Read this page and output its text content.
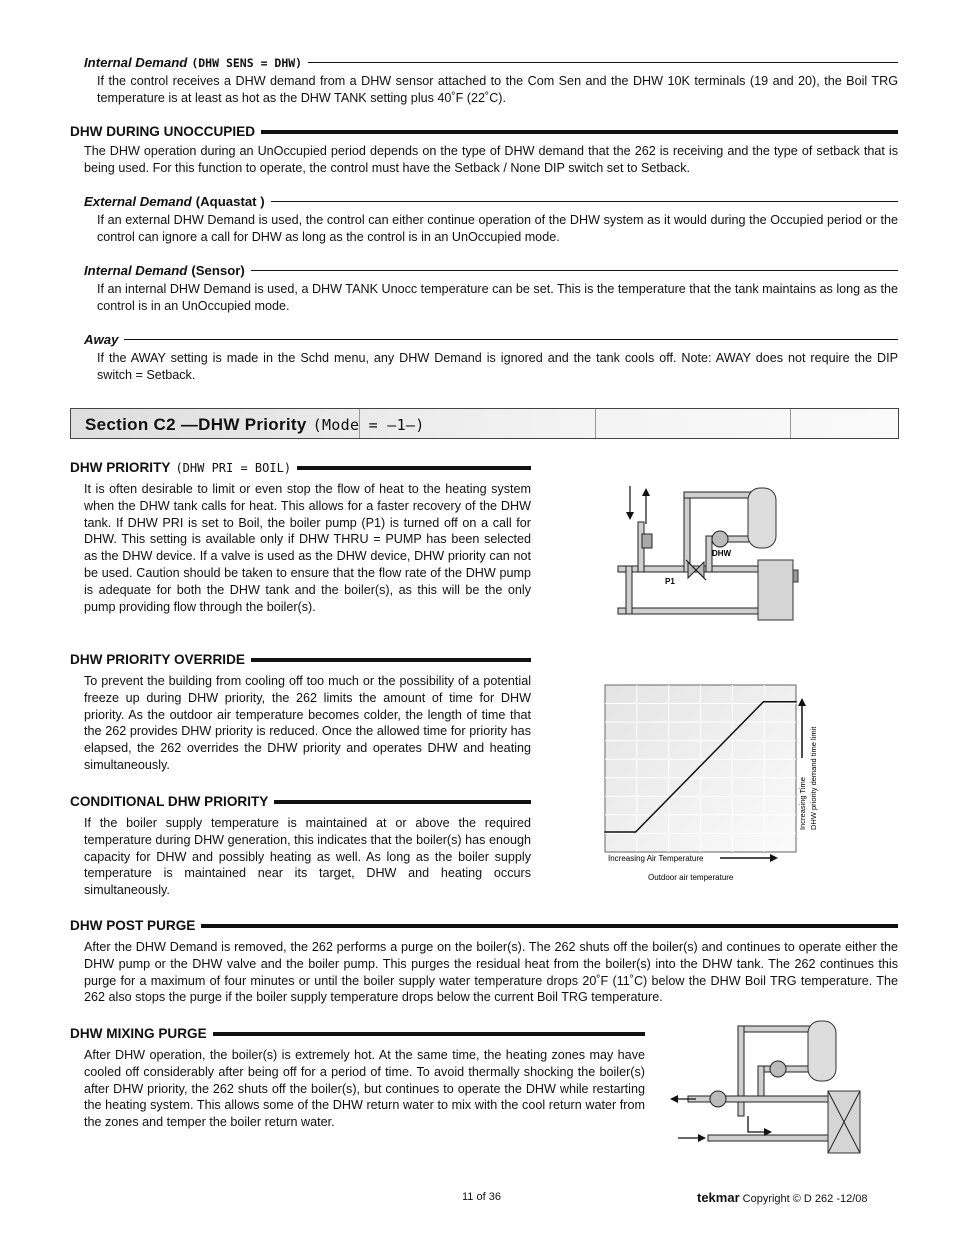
Internal Demand (DHW SENS = DHW)
If the control receives a DHW demand from a DHW sensor attached to the Com Sen and the DHW 10K terminals (19 and 20), the Boil TRG temperature is at least as hot as the DHW TANK setting plus 40˚F (22˚C).
DHW DURING UNOCCUPIED
The DHW operation during an UnOccupied period depends on the type of DHW demand that the 262 is receiving and the type of setback that is being used. For this function to operate, the control must have the Setback / None DIP switch set to Setback.
External Demand (Aquastat )
If an external DHW Demand is used, the control can either continue operation of the DHW system as it would during the Occupied period or the control can ignore a call for DHW as long as the control is in an UnOccupied mode.
Internal Demand (Sensor)
If an internal DHW Demand is used, a DHW TANK Unocc temperature can be set. This is the temperature that the tank maintains as long as the control is in an UnOccupied mode.
Away
If the AWAY setting is made in the Schd menu, any DHW Demand is ignored and the tank cools off. Note: AWAY does not require the DIP switch = Setback.
Section C2 —DHW Priority (Mode = —1—)
DHW PRIORITY (DHW PRI = BOIL)
It is often desirable to limit or even stop the flow of heat to the heating system when the DHW tank calls for heat. This allows for a faster recovery of the DHW tank. If DHW PRI is set to Boil, the boiler pump (P1) is turned off on a call for DHW. This setting is available only if DHW THRU = PUMP has been selected as the DHW device. If a valve is used as the DHW device, DHW priority can not be used. Caution should be taken to ensure that the flow rate of the DHW pump is adequate for both the DHW tank and the boiler(s), as this will be the only pump providing flow through the boiler(s).
DHW
P1
DHW PRIORITY OVERRIDE
To prevent the building from cooling off too much or the possibility of a potential freeze up during DHW priority, the 262 limits the amount of time for DHW priority. As the outdoor air temperature becomes colder, the length of time that the 262 provides DHW priority is reduced. Once the allowed time for priority has elapsed, the 262 overrides the DHW priority and operates DHW and heating simultaneously.
Increasing Air Temperature
Outdoor air temperature
Increasing Time DHW priority demand time limit
CONDITIONAL DHW PRIORITY
If the boiler supply temperature is maintained at or above the required temperature during DHW generation, this indicates that the boiler(s) has enough capacity for DHW and possibly heating as well. As long as the boiler supply temperature is maintained near its target, DHW and heating occurs simultaneously.
DHW POST PURGE
After the DHW Demand is removed, the 262 performs a purge on the boiler(s). The 262 shuts off the boiler(s) and continues to operate either the DHW pump or the DHW valve and the boiler pump. This purges the residual heat from the boiler(s) into the DHW tank. The 262 continues this purge for a maximum of four minutes or until the boiler supply water temperature drops 20˚F (11˚C) below the DHW Boil TRG temperature. The 262 also stops the purge if the boiler supply temperature drops below the current Boil TRG temperature.
DHW MIXING PURGE
After DHW operation, the boiler(s) is extremely hot. At the same time, the heating zones may have cooled off considerably after being off for a period of time. To avoid thermally shocking the boiler(s) after DHW priority, the 262 shuts off the boiler(s), but continues to operate the DHW while restarting the heating system. This allows some of the DHW return water to mix with the cool return water from the zones and temper the boiler return water.
11 of 36	tekmar Copyright © D 262 -12/08
